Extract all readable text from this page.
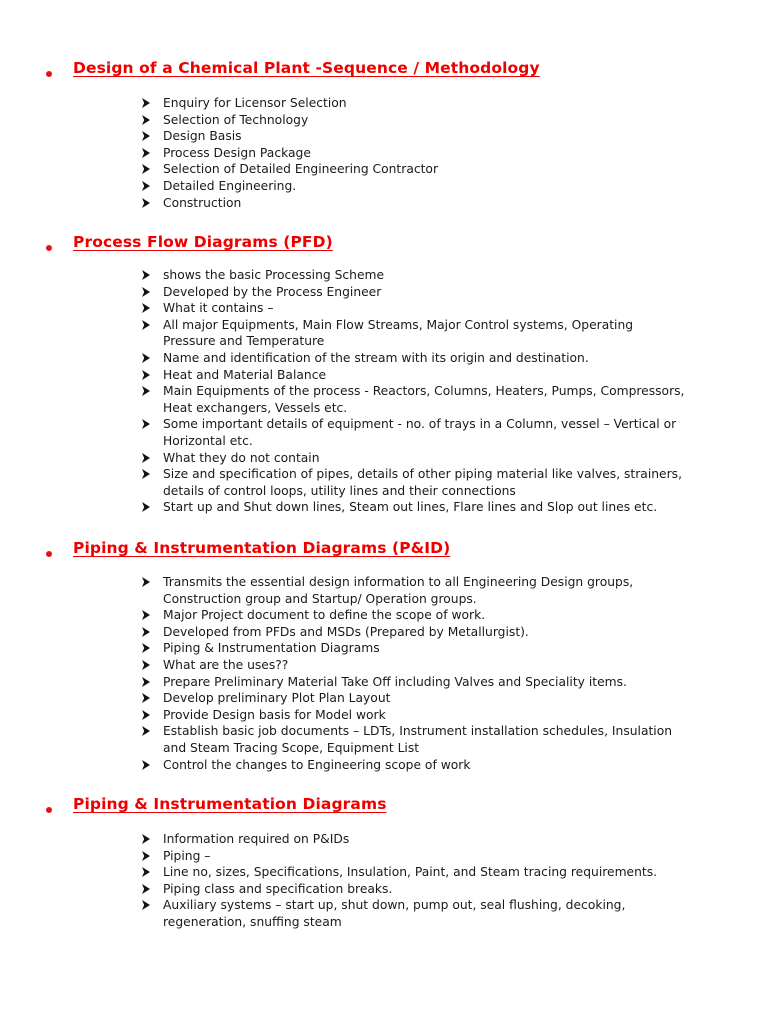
Design of a Chemical Plant -Sequence / Methodology
Enquiry for Licensor Selection
Selection of Technology
Design Basis
Process Design Package
Selection of Detailed Engineering Contractor
Detailed Engineering.
Construction
Process Flow Diagrams (PFD)
shows the basic Processing Scheme
Developed by the Process Engineer
What it contains –
All major Equipments, Main Flow Streams, Major Control systems, Operating Pressure and Temperature
Name and identification of the stream with its origin and destination.
Heat and Material Balance
Main Equipments of the process - Reactors, Columns, Heaters, Pumps, Compressors, Heat exchangers, Vessels etc.
Some important details of equipment - no. of trays in a Column, vessel – Vertical or Horizontal etc.
What they do not contain
Size and specification of pipes, details of other piping material like valves, strainers, details of control loops, utility lines and their connections
Start up and Shut down lines, Steam out lines, Flare lines and Slop out lines etc.
Piping & Instrumentation Diagrams (P&ID)
Transmits the essential design information to all Engineering Design groups, Construction group and Startup/ Operation groups.
Major Project document to define the scope of work.
Developed from PFDs and MSDs (Prepared by Metallurgist).
Piping & Instrumentation Diagrams
What are the uses??
Prepare Preliminary Material Take Off including Valves and Speciality items.
Develop preliminary Plot Plan Layout
Provide Design basis for Model work
Establish basic job documents – LDTs, Instrument installation schedules, Insulation and Steam Tracing Scope, Equipment List
Control the changes to Engineering scope of work
Piping & Instrumentation Diagrams
Information required on P&IDs
Piping –
Line no, sizes, Specifications, Insulation, Paint, and Steam tracing requirements.
Piping class and specification breaks.
Auxiliary systems – start up, shut down, pump out, seal flushing, decoking, regeneration, snuffing steam
